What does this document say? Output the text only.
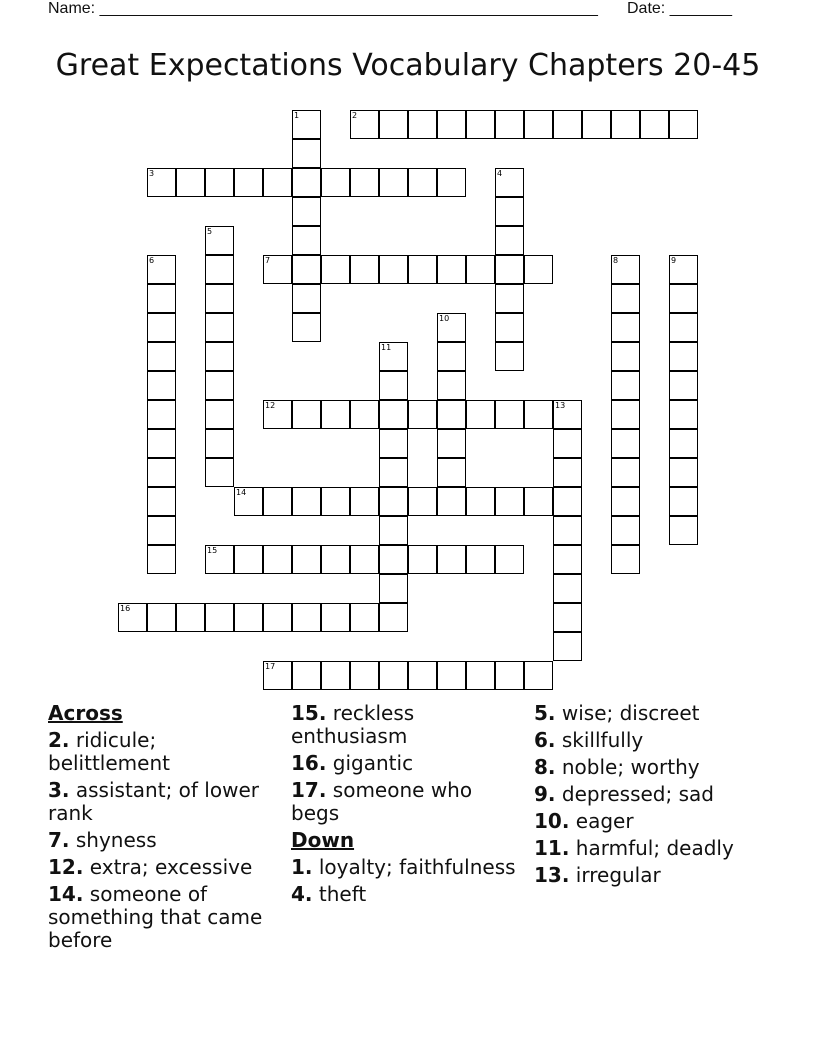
Name: ________________________________________________________ Date: _______
Great Expectations Vocabulary Chapters 20-45
1	2
3	4
5
6	7	8	9
10
11
12	13
14
15
16
17
Across
2. ridicule; belittlement
3. assistant; of lower rank
7. shyness
12. extra; excessive
14. someone of something that came before
15. reckless enthusiasm
16. gigantic
17. someone who begs
Down
1. loyalty; faithfulness
4. theft
5. wise; discreet
6. skillfully
8. noble; worthy
9. depressed; sad
10. eager
11. harmful; deadly
13. irregular
